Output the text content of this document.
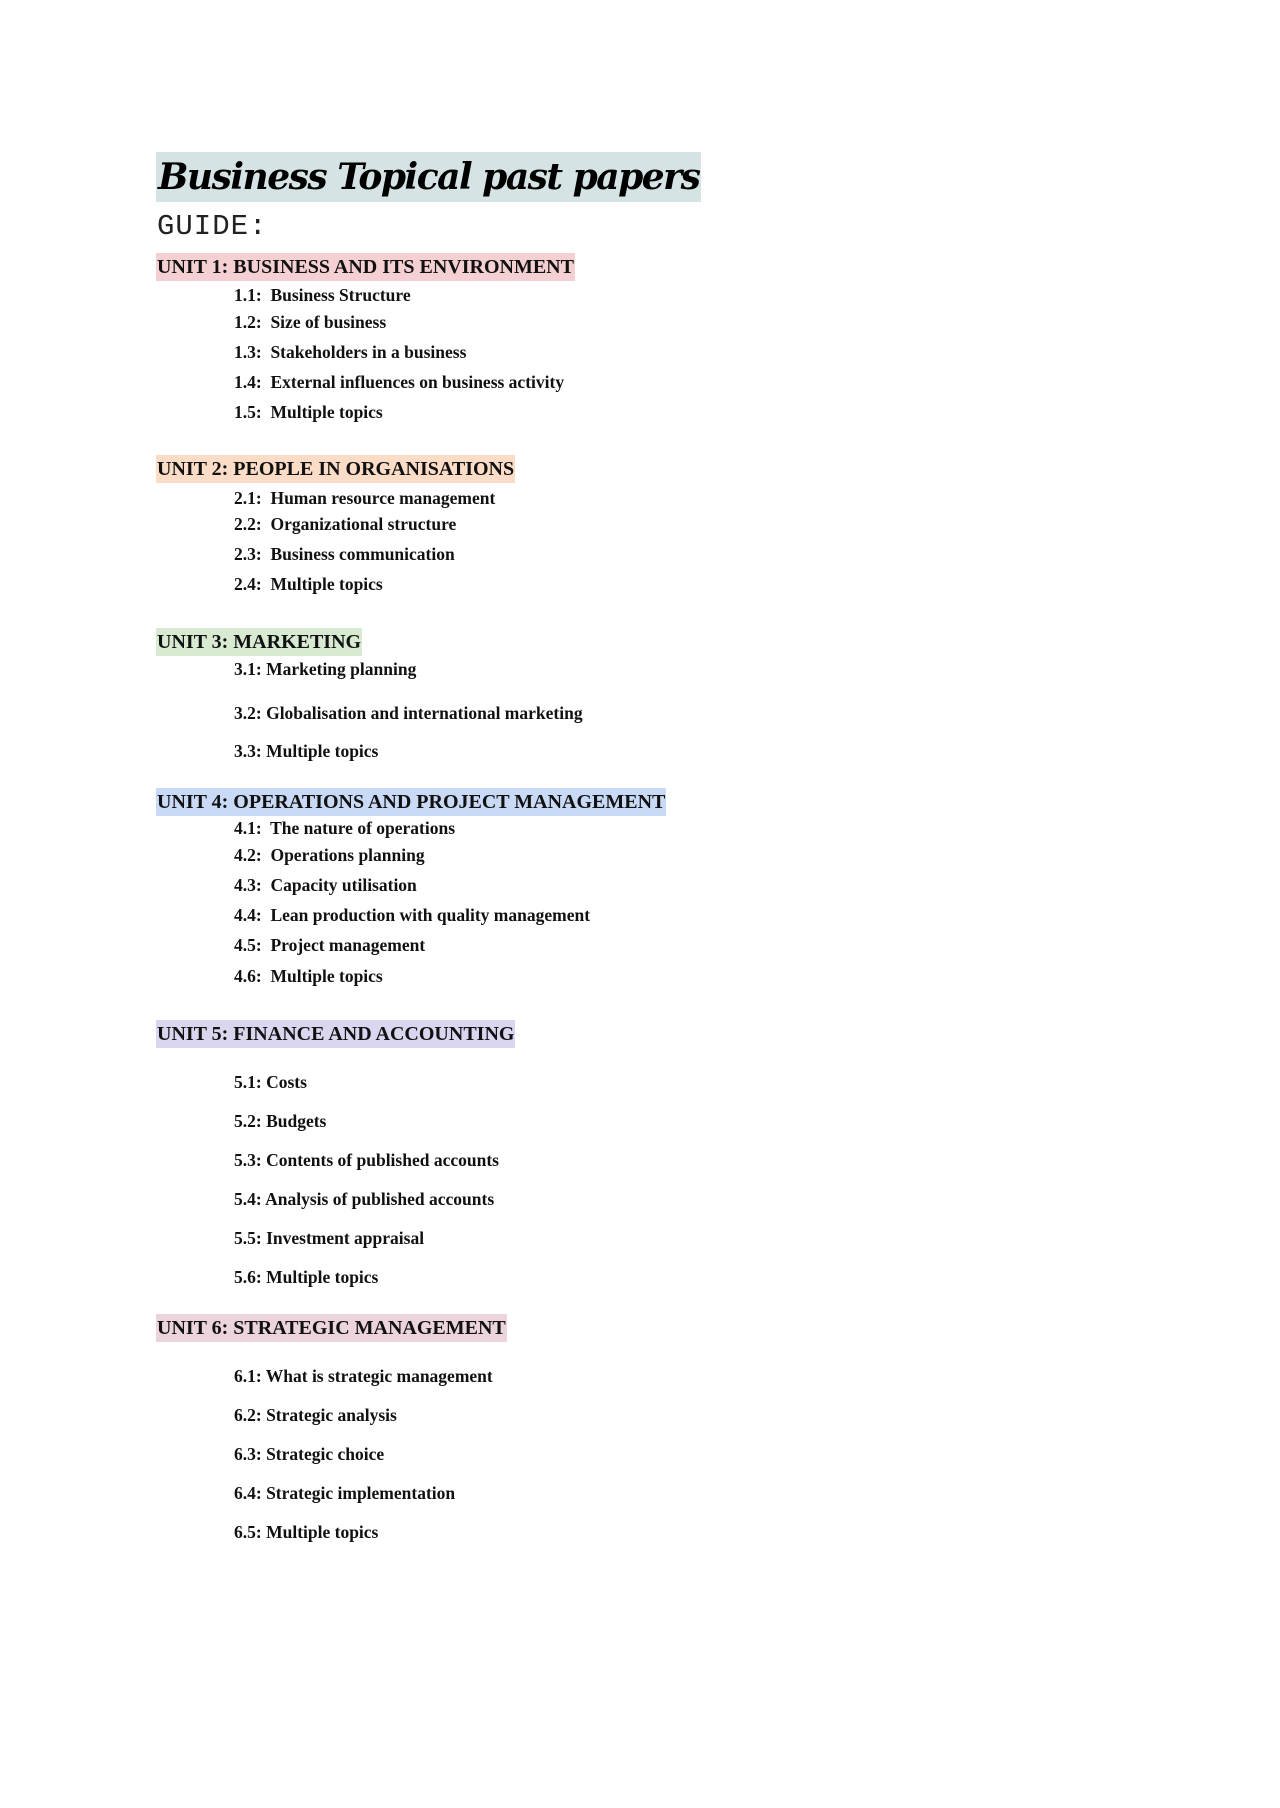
Business Topical past papers
GUIDE:
UNIT 1: BUSINESS AND ITS ENVIRONMENT
1.1:  Business Structure
1.2:  Size of business
1.3:  Stakeholders in a business
1.4:  External influences on business activity
1.5:  Multiple topics
UNIT 2: PEOPLE IN ORGANISATIONS
2.1:  Human resource management
2.2:  Organizational structure
2.3:  Business communication
2.4:  Multiple topics
UNIT 3: MARKETING
3.1: Marketing planning
3.2: Globalisation and international marketing
3.3: Multiple topics
UNIT 4: OPERATIONS AND PROJECT MANAGEMENT
4.1:  The nature of operations
4.2:  Operations planning
4.3:  Capacity utilisation
4.4:  Lean production with quality management
4.5:  Project management
4.6:  Multiple topics
UNIT 5: FINANCE AND ACCOUNTING
5.1: Costs
5.2: Budgets
5.3: Contents of published accounts
5.4: Analysis of published accounts
5.5: Investment appraisal
5.6: Multiple topics
UNIT 6: STRATEGIC MANAGEMENT
6.1: What is strategic management
6.2: Strategic analysis
6.3: Strategic choice
6.4: Strategic implementation
6.5: Multiple topics
